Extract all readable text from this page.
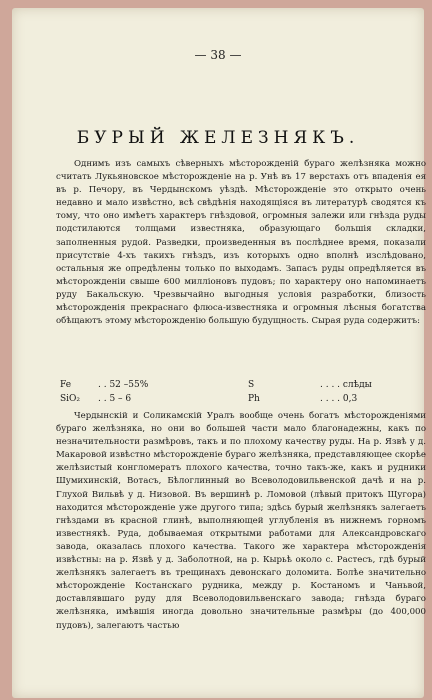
— 38 —
БУРЫЙ ЖЕЛЕЗНЯКЪ.
Однимъ изъ самыхъ сѣверныхъ мѣсторожденій бураго желѣзняка можно считать Лукьяновское мѣсторожденіе на р. Унѣ въ 17 верстахъ отъ впаденія ея въ р. Печору, въ Чердынскомъ уѣздѣ. Мѣсторожденіе это открыто очень недавно и мало извѣстно, всѣ свѣдѣнія находящіяся въ литературѣ сводятся къ тому, что оно имѣетъ характеръ гнѣздовой, огромныя залежи или гнѣзда руды подстилаются толщами известняка, образующаго большія складки, заполненныя рудой. Разведки, произведенныя въ послѣднее время, показали присутствіе 4-хъ такихъ гнѣздъ, изъ которыхъ одно вполнѣ изслѣдовано, остальныя же опредѣлены только по выходамъ. Запасъ руды опредѣляется въ мѣсторожденіи свыше 600 милліоновъ пудовъ; по характеру оно напоминаетъ руду Бакальскую. Чрезвычайно выгодныя условія разработки, близость мѣсторожденія прекраснаго флюса-известняка и огромныя лѣсныя богатства обѣщаютъ этому мѣсторожденію большую будущность. Сырая руда содержитъ:
Fe	. . 52 –55%	S	. . . . слѣды
SiO₂	. . 5 – 6	Ph	. . . . 0,3
Чердынскій и Соликамскій Уралъ вообще очень богатъ мѣсторожденіями бураго желѣзняка, но они во большей части мало благонадежны, какъ по незначительности размѣровъ, такъ и по плохому качеству руды. На р. Язвѣ у д. Макаровой извѣстно мѣсторожденіе бураго желѣзняка, представляющее скорѣе желѣзистый конгломератъ плохого качества, точно такъ-же, какъ и рудники Шумихинскій, Вотасъ, Бѣлоглинный во Всеволодовильвенской дачѣ и на р. Глухой Вильвѣ у д. Низовой. Въ вершинѣ р. Ломовой (лѣвый притокъ Щугора) находится мѣсторожденіе уже другого типа; здѣсь бурый желѣзнякъ залегаетъ гнѣздами въ красной глинѣ, выполняющей углубленія въ нижнемъ горномъ известнякѣ. Руда, добываемая открытыми работами для Александровскаго завода, оказалась плохого качества. Такого же характера мѣсторожденія извѣстны: на р. Язвѣ у д. Заболотной, на р. Кырьѣ около с. Растесъ, гдѣ бурый желѣзнякъ залегаетъ въ трещинахъ девонскаго доломита. Болѣе значительно мѣсторожденіе Костанскаго рудника, между р. Костаномъ и Чаньвой, доставлявшаго руду для Всеволодовильвенскаго завода; гнѣзда бураго желѣзняка, имѣвшія иногда довольно значительные размѣры (до 400,000 пудовъ), залегаютъ частью
